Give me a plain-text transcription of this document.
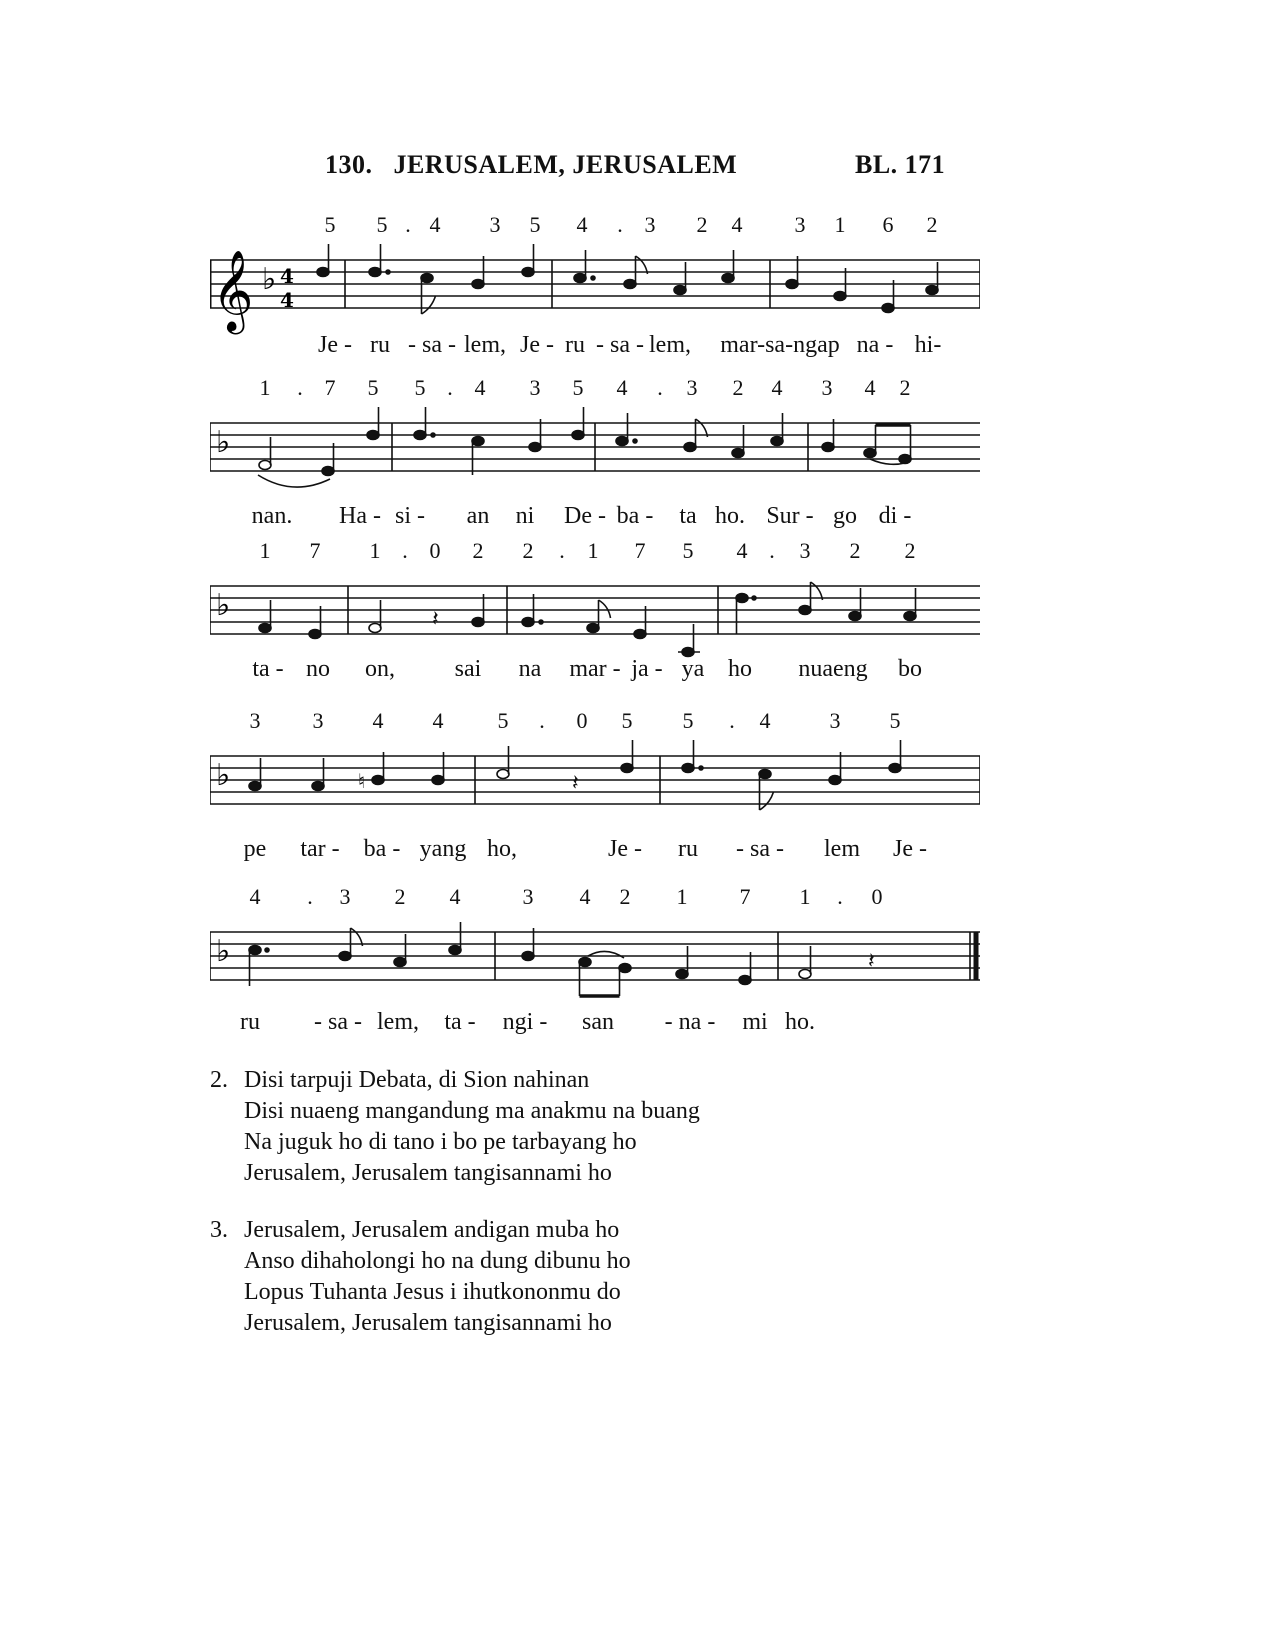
130. JERUSALEM, JERUSALEM	BL. 171
5 5 . 4 3 5 4 . 3 2 4 3 1 6 2
𝄞 ♭ 4
4
Je - ru - sa - lem, Je - ru - sa - lem, mar-sa-ngap na - hi-
1 . 7 5 5 . 4 3 5 4 . 3 2 4 3 4 2
♭
nan. Ha - si - an ni De - ba - ta ho. Sur - go di -
1 7 1 . 0 2 2 . 1 7 5 4 . 3 2 2
♭	𝄽
ta - no on, sai na mar - ja - ya ho nuaeng bo
3 3 4 4 5 . 0 5 5 . 4	3 5
♭	♮	𝄽
pe tar - ba - yang ho,	Je - ru - sa - lem Je -
4 . 3 2 4	3 4 2 1 7 1 . 0
♭	𝄽
ru - sa - lem, ta - ngi - san - na - mi ho.
2. Disi tarpuji Debata, di Sion nahinan
Disi nuaeng mangandung ma anakmu na buang
Na juguk ho di tano i bo pe tarbayang ho
Jerusalem, Jerusalem tangisannami ho
3. Jerusalem, Jerusalem andigan muba ho
Anso dihaholongi ho na dung dibunu ho
Lopus Tuhanta Jesus i ihutkononmu do
Jerusalem, Jerusalem tangisannami ho
